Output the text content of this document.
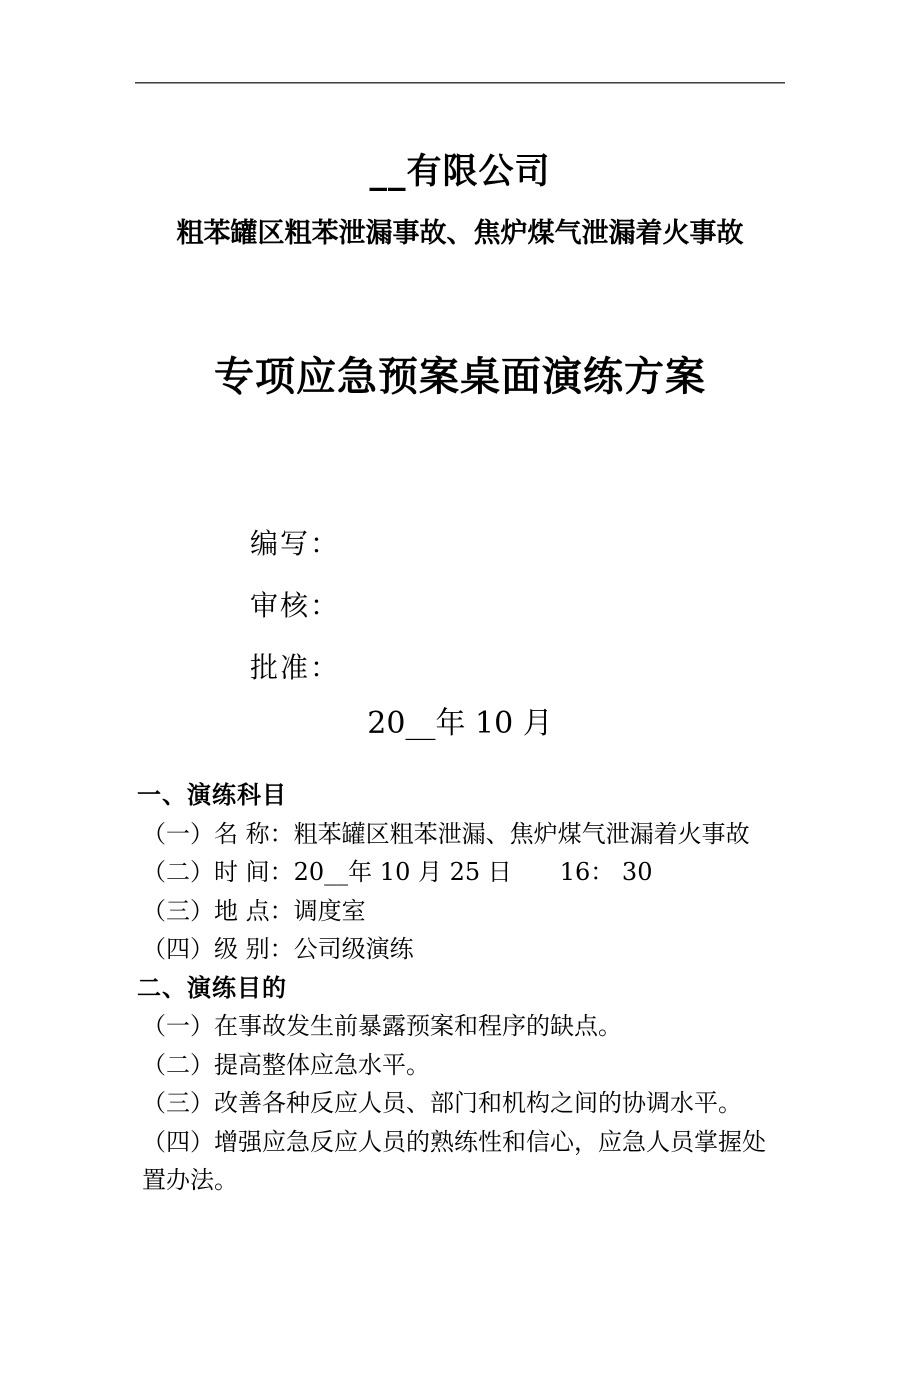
__有限公司
粗苯罐区粗苯泄漏事故、焦炉煤气泄漏着火事故
专项应急预案桌面演练方案
编写：
审核：
批准：
20__年 10 月
一、演练科目
（一）名 称：粗苯罐区粗苯泄漏、焦炉煤气泄漏着火事故
（二）时 间：20__年 10 月 25 日　　16： 30
（三）地 点：调度室
（四）级 别：公司级演练
二、演练目的
（一）在事故发生前暴露预案和程序的缺点。
（二）提高整体应急水平。
（三）改善各种反应人员、部门和机构之间的协调水平。
（四）增强应急反应人员的熟练性和信心，应急人员掌握处置办法。
